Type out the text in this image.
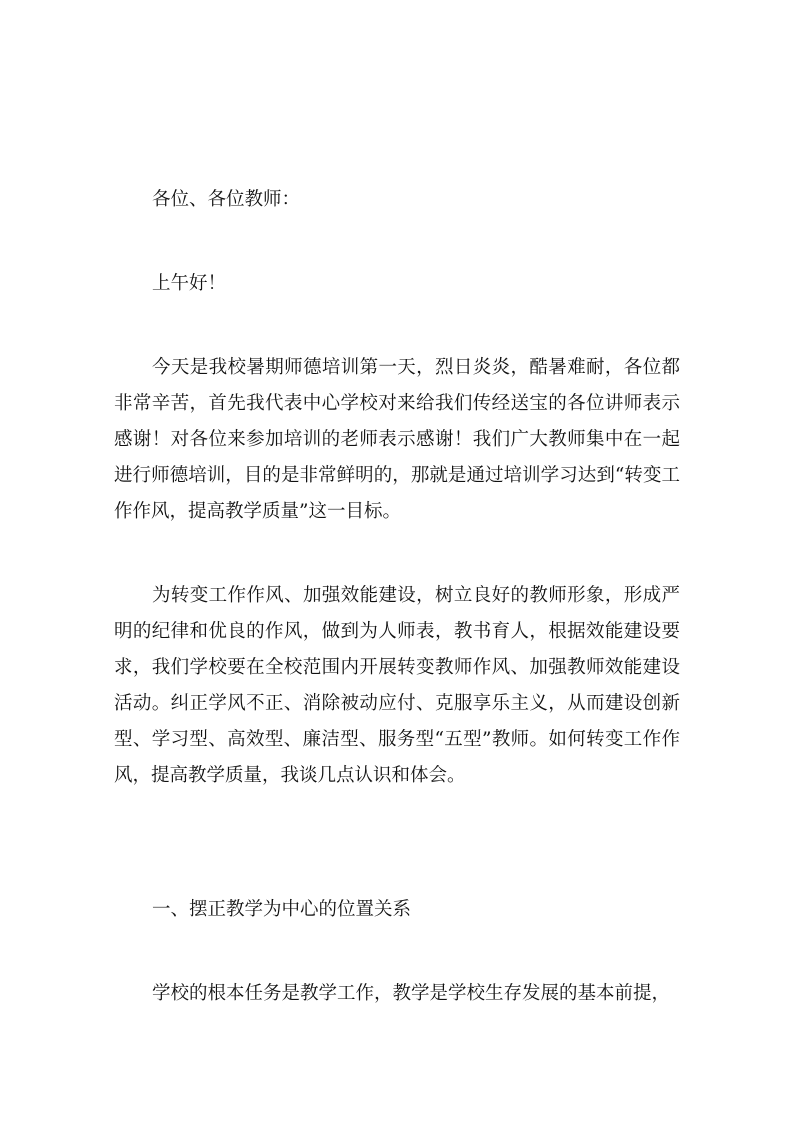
各位、各位教师：

上午好！

今天是我校暑期师德培训第一天，烈日炎炎，酷暑难耐，各位都非常辛苦，首先我代表中心学校对来给我们传经送宝的各位讲师表示感谢！对各位来参加培训的老师表示感谢！我们广大教师集中在一起进行师德培训，目的是非常鲜明的，那就是通过培训学习达到“转变工作作风，提高教学质量”这一目标。

为转变工作作风、加强效能建设，树立良好的教师形象，形成严明的纪律和优良的作风，做到为人师表，教书育人，根据效能建设要求，我们学校要在全校范围内开展转变教师作风、加强教师效能建设活动。纠正学风不正、消除被动应付、克服享乐主义，从而建设创新型、学习型、高效型、廉洁型、服务型“五型”教师。如何转变工作作风，提高教学质量，我谈几点认识和体会。

一、摆正教学为中心的位置关系

学校的根本任务是教学工作，教学是学校生存发展的基本前提，
